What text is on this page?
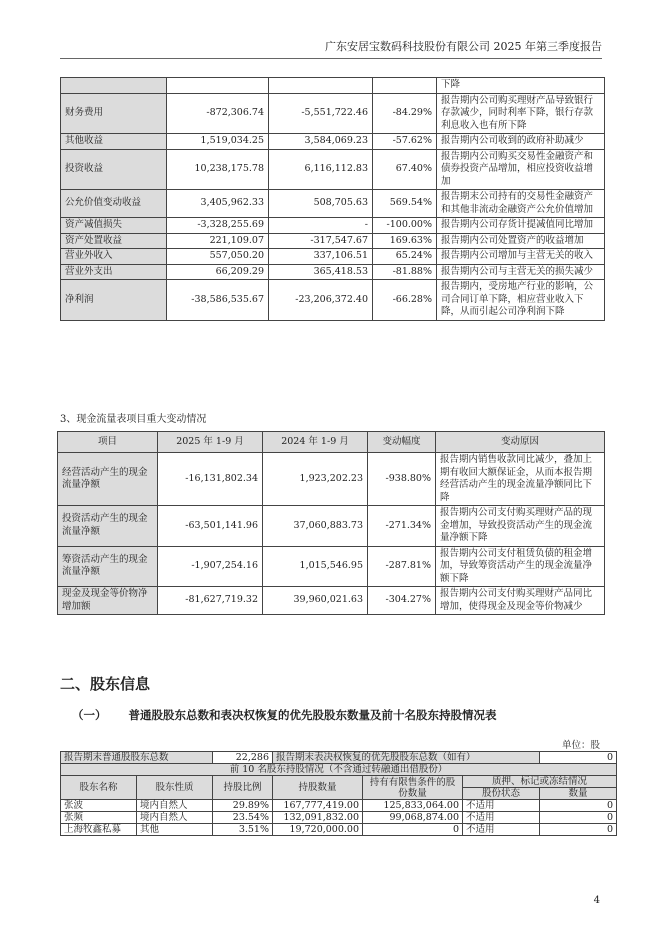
广东安居宝数码科技股份有限公司 2025 年第三季度报告
				下降
财务费用	-872,306.74	-5,551,722.46	-84.29%	报告期内公司购买理财产品导致银行存款减少，同时利率下降，银行存款利息收入也有所下降
其他收益	1,519,034.25	3,584,069.23	-57.62%	报告期内公司收到的政府补助减少
投资收益	10,238,175.78	6,116,112.83	67.40%	报告期内公司购买交易性金融资产和债券投资产品增加，相应投资收益增加
公允价值变动收益	3,405,962.33	508,705.63	569.54%	报告期末公司持有的交易性金融资产和其他非流动金融资产公允价值增加
资产减值损失	-3,328,255.69	-	-100.00%	报告期内公司存货计提减值同比增加
资产处置收益	221,109.07	-317,547.67	169.63%	报告期内公司处置资产的收益增加
营业外收入	557,050.20	337,106.51	65.24%	报告期内公司增加与主营无关的收入
营业外支出	66,209.29	365,418.53	-81.88%	报告期内公司与主营无关的损失减少
净利润	-38,586,535.67	-23,206,372.40	-66.28%	报告期内，受房地产行业的影响，公司合同订单下降，相应营业收入下降，从而引起公司净利润下降
3、现金流量表项目重大变动情况
项目	2025 年 1-9 月	2024 年 1-9 月	变动幅度	变动原因
经营活动产生的现金流量净额	-16,131,802.34	1,923,202.23	-938.80%	报告期内销售收款同比减少，叠加上期有收回大额保证金，从而本报告期经营活动产生的现金流量净额同比下降
投资活动产生的现金流量净额	-63,501,141.96	37,060,883.73	-271.34%	报告期内公司支付购买理财产品的现金增加，导致投资活动产生的现金流量净额下降
筹资活动产生的现金流量净额	-1,907,254.16	1,015,546.95	-287.81%	报告期内公司支付租赁负债的租金增加，导致筹资活动产生的现金流量净额下降
现金及现金等价物净增加额	-81,627,719.32	39,960,021.63	-304.27%	报告期内公司支付购买理财产品同比增加，使得现金及现金等价物减少
二、股东信息
（一） 普通股股东总数和表决权恢复的优先股股东数量及前十名股东持股情况表
单位：股
报告期末普通股股东总数		22,286	报告期末表决权恢复的优先股股东总数（如有）			0
前 10 名股东持股情况（不含通过转融通出借股份）						
股东名称	股东性质	持股比例	持股数量	持有有限售条件的股份数量	质押、标记或冻结情况	
					股份状态	数量
张波	境内自然人	29.89%	167,777,419.00	125,833,064.00	不适用	0
张频	境内自然人	23.54%	132,091,832.00	99,068,874.00	不适用	0
上海牧鑫私募	其他	3.51%	19,720,000.00	0	不适用	0
4
